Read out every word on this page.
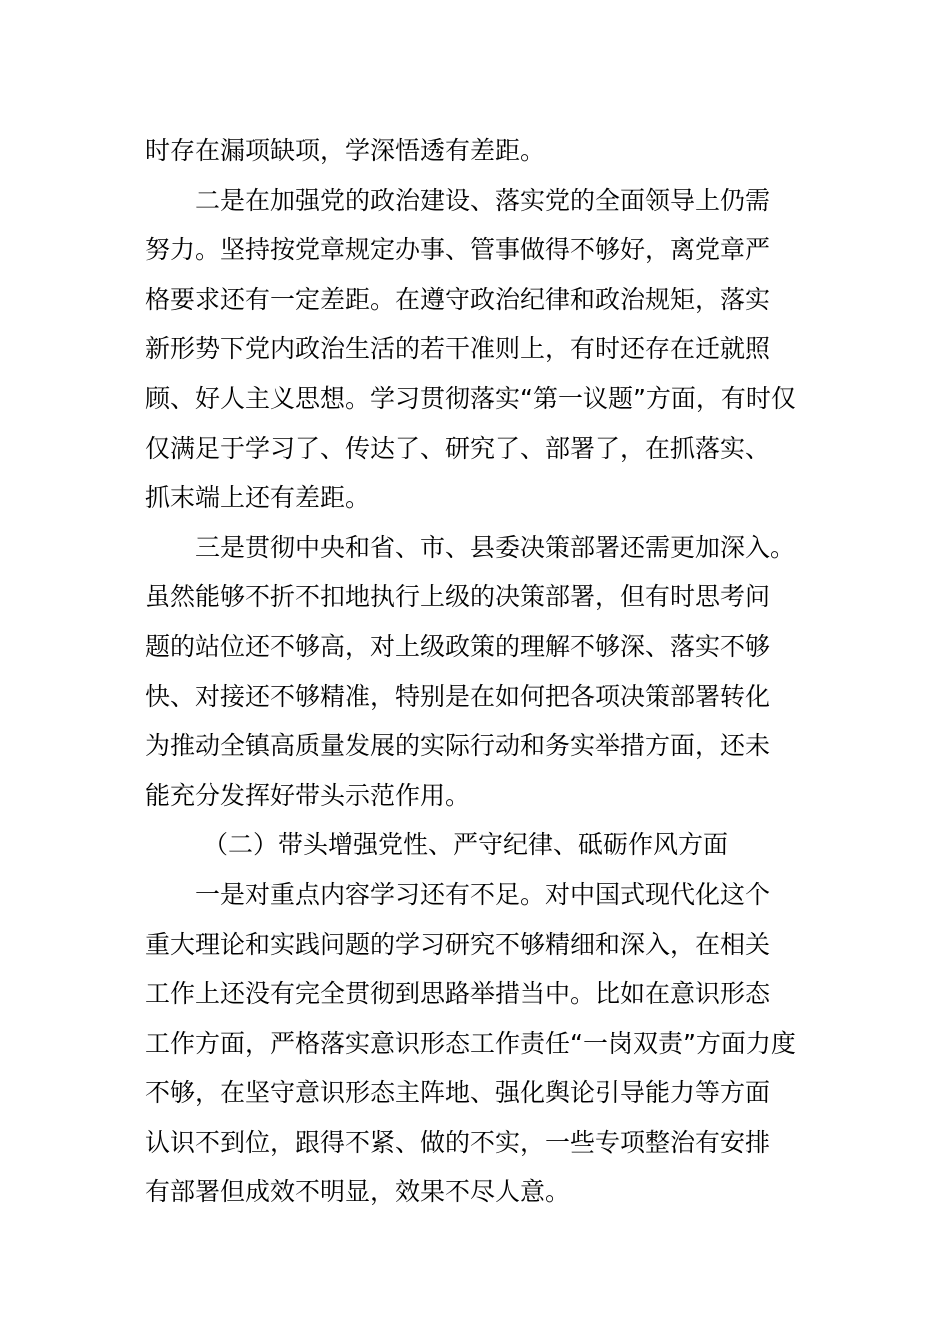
时存在漏项缺项，学深悟透有差距。
二是在加强党的政治建设、落实党的全面领导上仍需
努力。坚持按党章规定办事、管事做得不够好，离党章严
格要求还有一定差距。在遵守政治纪律和政治规矩，落实
新形势下党内政治生活的若干准则上，有时还存在迁就照
顾、好人主义思想。学习贯彻落实“第一议题”方面，有时仅
仅满足于学习了、传达了、研究了、部署了，在抓落实、
抓末端上还有差距。
三是贯彻中央和省、市、县委决策部署还需更加深入。
虽然能够不折不扣地执行上级的决策部署，但有时思考问
题的站位还不够高，对上级政策的理解不够深、落实不够
快、对接还不够精准，特别是在如何把各项决策部署转化
为推动全镇高质量发展的实际行动和务实举措方面，还未
能充分发挥好带头示范作用。
（二）带头增强党性、严守纪律、砥砺作风方面
一是对重点内容学习还有不足。对中国式现代化这个
重大理论和实践问题的学习研究不够精细和深入，在相关
工作上还没有完全贯彻到思路举措当中。比如在意识形态
工作方面，严格落实意识形态工作责任“一岗双责”方面力度
不够，在坚守意识形态主阵地、强化舆论引导能力等方面
认识不到位，跟得不紧、做的不实，一些专项整治有安排
有部署但成效不明显，效果不尽人意。
